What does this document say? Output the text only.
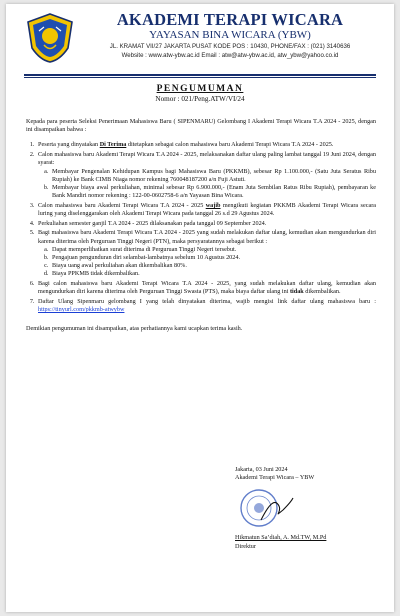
AKADEMI TERAPI WICARA
YAYASAN BINA WICARA (YBW)
JL. KRAMAT VII/27 JAKARTA PUSAT KODE POS : 10430, PHONE/FAX : (021) 3140636
Website : www.atw-ybw.ac.id Email : atw@atw-ybw.ac.id, atw_ybw@yahoo.co.id
PENGUMUMAN
Nomor : 021/Peng.ATW/VI/24

Kepada para peserta Seleksi Penerimaan Mahasiswa Baru ( SIPENMARU) Gelombang I Akademi Terapi Wicara T.A 2024 - 2025, dengan ini disampaikan bahwa :

1. Peserta yang dinyatakan Di Terima ditetapkan sebagai calon mahasiswa baru Akademi Terapi Wicara T.A 2024 - 2025.
2. Calon mahasiswa baru Akademi Terapi Wicara T.A 2024 - 2025, melaksanakan daftar ulang paling lambat tanggal 19 Juni 2024, dengan syarat:
a. Membayar Pengenalan Kehidupan Kampus bagi Mahasiswa Baru (PKKMB), sebesar Rp 1.100.000,- (Satu Juta Seratus Ribu Rupiah) ke Bank CIMB Niaga nomor rekening 760048187200 a/n Fuji Astuti.
b. Membayar biaya awal perkuliahan, minimal sebesar Rp 6.900.000,- (Enam Juta Sembilan Ratus Ribu Rupiah), pembayaran ke Bank Mandiri nomor rekening : 122-00-0602758-6 a/n Yayasan Bina Wicara.
3. Calon mahasiswa baru Akademi Terapi Wicara T.A 2024 - 2025 wajib mengikuti kegiatan PKKMB Akademi Terapi Wicara secara luring yang diselenggarakan oleh Akademi Terapi Wicara pada tanggal 26 s.d 29 Agustus 2024.
4. Perkuliahan semester ganjil T.A 2024 - 2025 dilaksanakan pada tanggal 09 September 2024.
5. Bagi mahasiswa baru Akademi Terapi Wicara T.A 2024 - 2025 yang sudah melakukan daftar ulang, kemudian akan mengundurkan diri karena diterima oleh Perguruan Tinggi Negeri (PTN), maka persyaratannya sebagai berikut :
a. Dapat memperlihatkan surat diterima di Perguruan Tinggi Negeri tersebut.
b. Pengajuan pengunduran diri selambat-lambatnya sebelum 10 Agustus 2024.
c. Biaya uang awal perkuliahan akan dikembalikan 80%.
d. Biaya PPKMB tidak dikembalikan.
6. Bagi calon mahasiswa baru Akademi Terapi Wicara T.A 2024 - 2025, yang sudah melakukan daftar ulang, kemudian akan mengundurkan diri karena diterima oleh Perguruan Tinggi Swasta (PTS), maka biaya daftar ulang ini tidak dikembalikan.
7. Daftar Ulang Sipenmaru gelombang I yang telah dinyatakan diterima, wajib mengisi link daftar ulang mahasiswa baru : https://tinyurl.com/pkkmb-atwybw

Demikian pengumuman ini disampaikan, atas perhatiannya kami ucapkan terima kasih.

Jakarta, 03 Juni 2024
Akademi Terapi Wicara – YBW
Hikmatun Sa’diah, A. Md.TW, M.Pd
Direktur
